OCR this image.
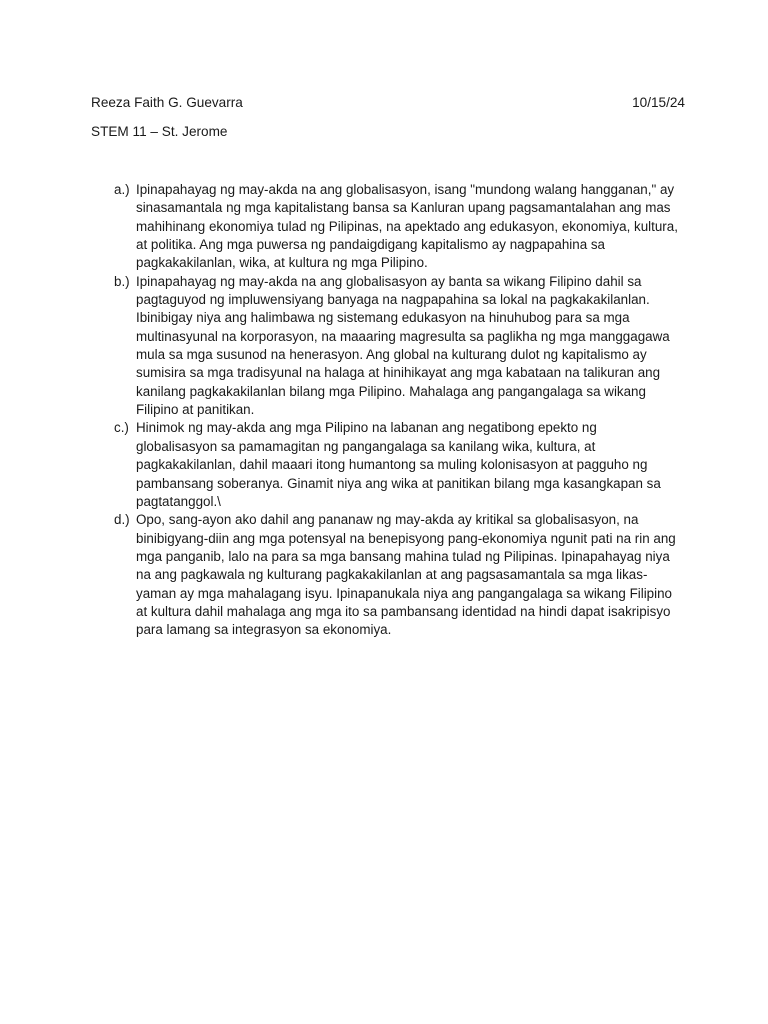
Reeza Faith G. Guevarra	10/15/24
STEM 11 – St. Jerome
a.) Ipinapahayag ng may-akda na ang globalisasyon, isang "mundong walang hangganan," ay sinasamantala ng mga kapitalistang bansa sa Kanluran upang pagsamantalahan ang mas mahihinang ekonomiya tulad ng Pilipinas, na apektado ang edukasyon, ekonomiya, kultura, at politika. Ang mga puwersa ng pandaigdigang kapitalismo ay nagpapahina sa pagkakakilanlan, wika, at kultura ng mga Pilipino.
b.) Ipinapahayag ng may-akda na ang globalisasyon ay banta sa wikang Filipino dahil sa pagtaguyod ng impluwensiyang banyaga na nagpapahina sa lokal na pagkakakilanlan. Ibinibigay niya ang halimbawa ng sistemang edukasyon na hinuhubog para sa mga multinasyunal na korporasyon, na maaaring magresulta sa paglikha ng mga manggagawa mula sa mga susunod na henerasyon. Ang global na kulturang dulot ng kapitalismo ay sumisira sa mga tradisyunal na halaga at hinihikayat ang mga kabataan na talikuran ang kanilang pagkakakilanlan bilang mga Pilipino. Mahalaga ang pangangalaga sa wikang Filipino at panitikan.
c.) Hinimok ng may-akda ang mga Pilipino na labanan ang negatibong epekto ng globalisasyon sa pamamagitan ng pangangalaga sa kanilang wika, kultura, at pagkakakilanlan, dahil maaari itong humantong sa muling kolonisasyon at pagguho ng pambansang soberanya. Ginamit niya ang wika at panitikan bilang mga kasangkapan sa pagtatanggol.\
d.) Opo, sang-ayon ako dahil ang pananaw ng may-akda ay kritikal sa globalisasyon, na binibigyang-diin ang mga potensyal na benepisyong pang-ekonomiya ngunit pati na rin ang mga panganib, lalo na para sa mga bansang mahina tulad ng Pilipinas. Ipinapahayag niya na ang pagkawala ng kulturang pagkakakilanlan at ang pagsasamantala sa mga likas-yaman ay mga mahalagang isyu. Ipinapanukala niya ang pangangalaga sa wikang Filipino at kultura dahil mahalaga ang mga ito sa pambansang identidad na hindi dapat isakripisyo para lamang sa integrasyon sa ekonomiya.
